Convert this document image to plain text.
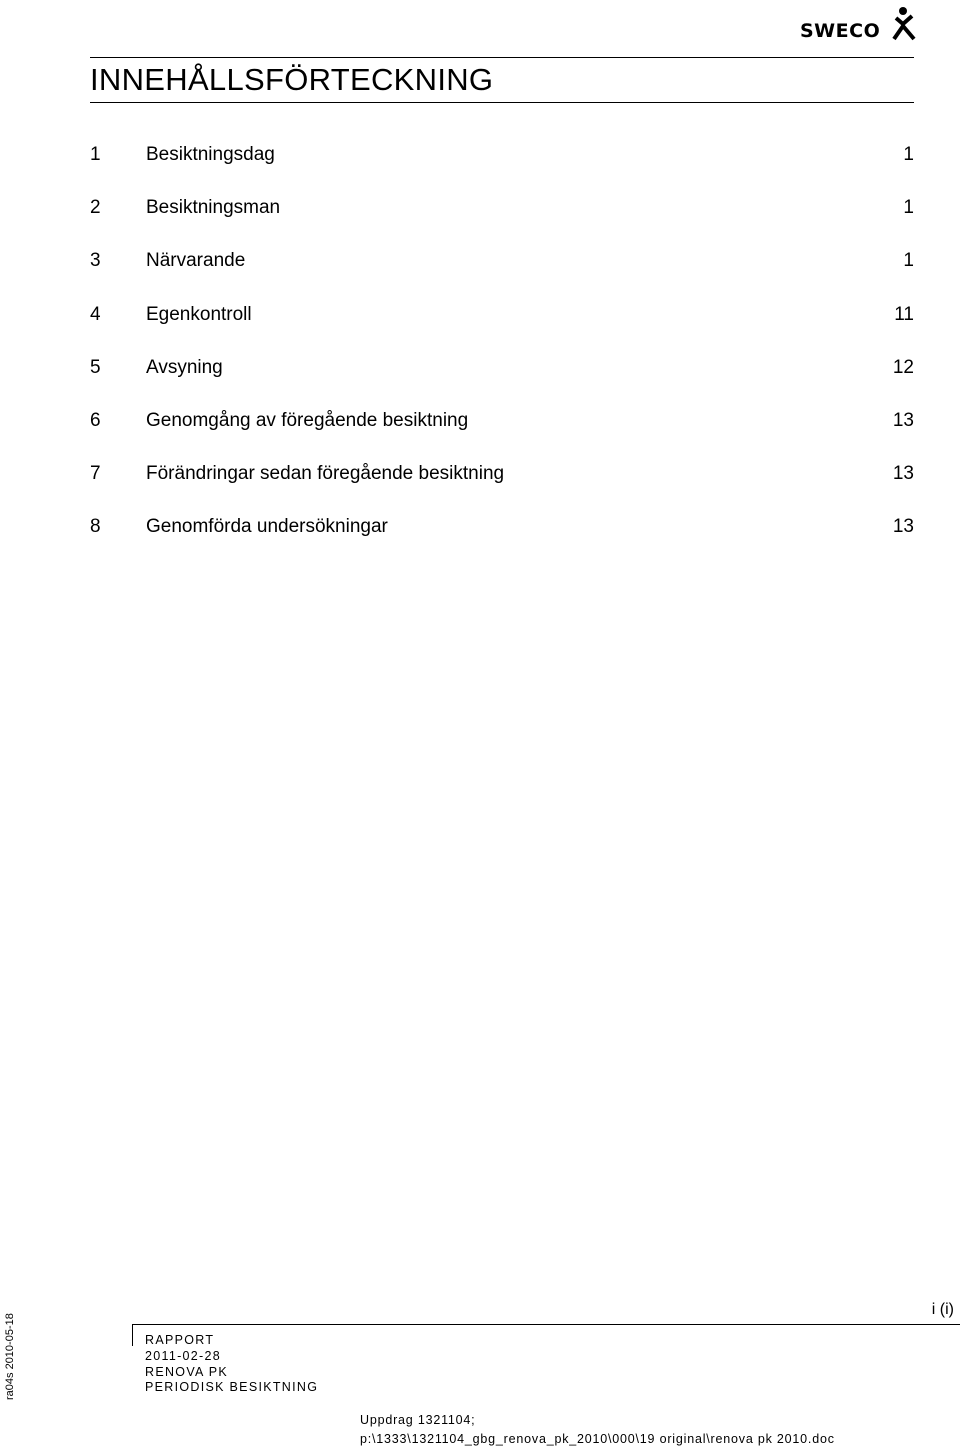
SWECO
INNEHÅLLSFÖRTECKNING
1 Besiktningsdag	1
2 Besiktningsman	1
3 Närvarande	1
4 Egenkontroll	11
5 Avsyning	12
6 Genomgång av föregående besiktning	13
7 Förändringar sedan föregående besiktning	13
8 Genomförda undersökningar	13
i (i)
ra04s 2010-05-18	RAPPORT
2011-02-28
RENOVA PK
PERIODISK BESIKTNING
Uppdrag 1321104;
p:\1333\1321104_gbg_renova_pk_2010\000\19 original\renova pk 2010.doc
